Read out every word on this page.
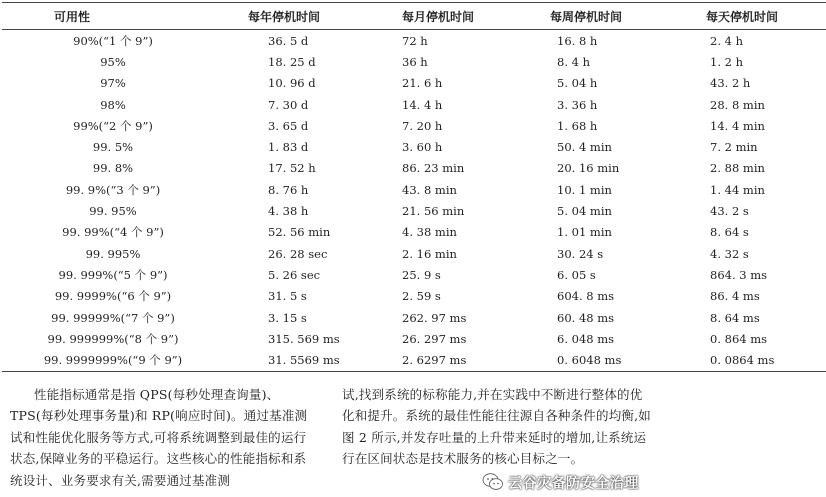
可用性	每年停机时间	每月停机时间	每周停机时间	每天停机时间
90%(“1 个 9”)	36. 5 d	72 h	16. 8 h	2. 4 h
95%	18. 25 d	36 h	8. 4 h	1. 2 h
97%	10. 96 d	21. 6 h	5. 04 h	43. 2 h
98%	7. 30 d	14. 4 h	3. 36 h	28. 8 min
99%(“2 个 9”)	3. 65 d	7. 20 h	1. 68 h	14. 4 min
99. 5%	1. 83 d	3. 60 h	50. 4 min	7. 2 min
99. 8%	17. 52 h	86. 23 min	20. 16 min	2. 88 min
99. 9%(“3 个 9”)	8. 76 h	43. 8 min	10. 1 min	1. 44 min
99. 95%	4. 38 h	21. 56 min	5. 04 min	43. 2 s
99. 99%(“4 个 9”)	52. 56 min	4. 38 min	1. 01 min	8. 64 s
99. 995%	26. 28 sec	2. 16 min	30. 24 s	4. 32 s
99. 999%(“5 个 9”)	5. 26 sec	25. 9 s	6. 05 s	864. 3 ms
99. 9999%(“6 个 9”)	31. 5 s	2. 59 s	604. 8 ms	86. 4 ms
99. 99999%(“7 个 9”)	3. 15 s	262. 97 ms	60. 48 ms	8. 64 ms
99. 999999%(“8 个 9”)	315. 569 ms	26. 297 ms	6. 048 ms	0. 864 ms
99. 9999999%(“9 个 9”)	31. 5569 ms	2. 6297 ms	0. 6048 ms	0. 0864 ms
性能指标通常是指 QPS(每秒处理查询量)、TPS(每秒处理事务量)和 RP(响应时间)。通过基准测试和性能优化服务等方式,可将系统调整到最佳的运行状态,保障业务的平稳运行。这些核心的性能指标和系统设计、业务要求有关,需要通过基准测
试,找到系统的标称能力,并在实践中不断进行整体的优化和提升。系统的最佳性能往往源自各种条件的均衡,如图 2 所示,并发存吐量的上升带来延时的增加,让系统运行在区间状态是技术服务的核心目标之一。
云谷灾备防安全治理
